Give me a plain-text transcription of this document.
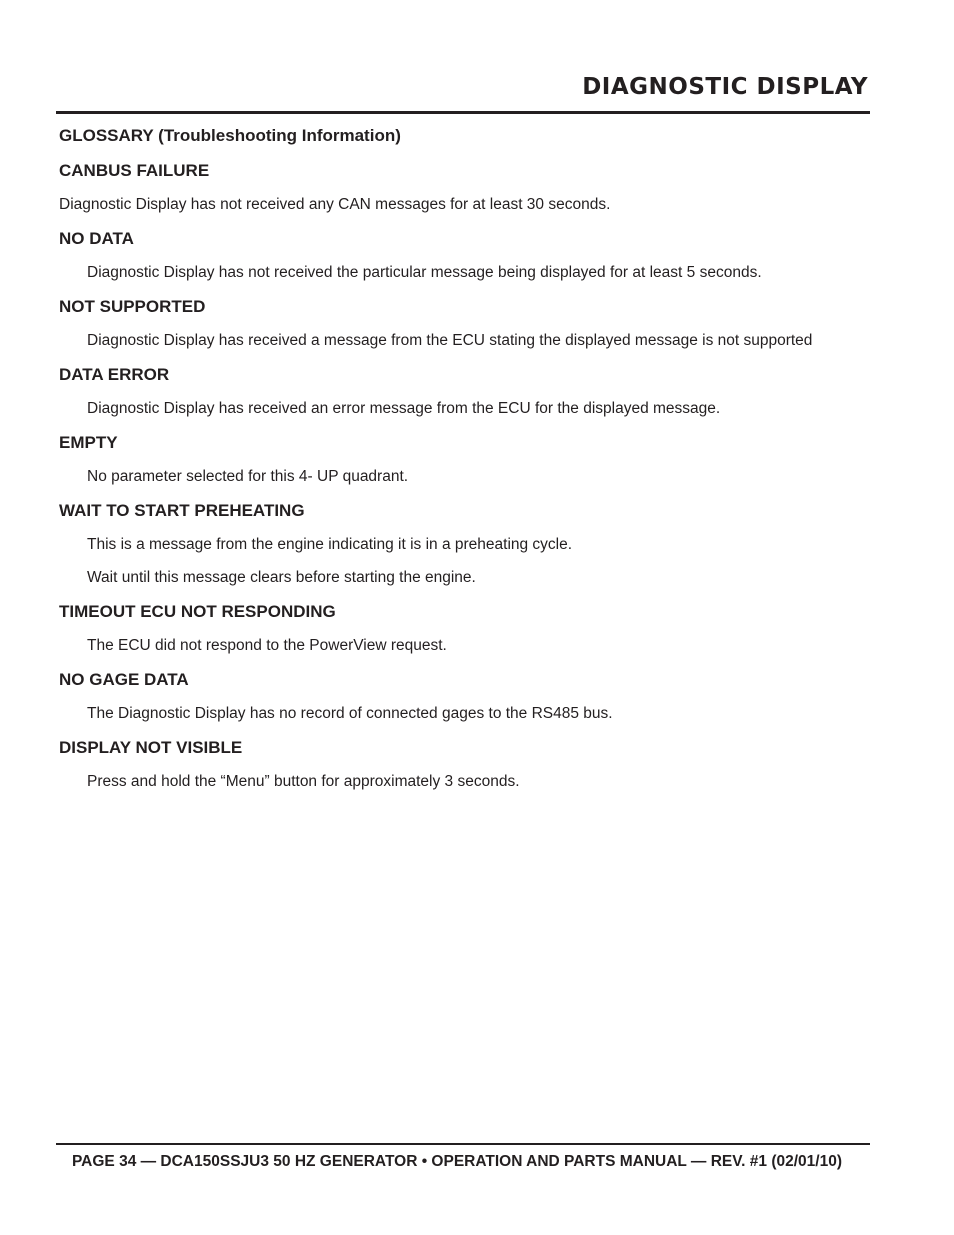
DIAGNOSTIC DISPLAY
GLOSSARY (Troubleshooting Information)
CANBUS FAILURE
Diagnostic Display has not received any CAN messages for at least 30 seconds.
NO DATA
Diagnostic Display has not received the particular message being displayed for at least 5 seconds.
NOT SUPPORTED
Diagnostic Display has received a message from the ECU stating the displayed message is not supported
DATA ERROR
Diagnostic Display has received an error message from the ECU for the displayed message.
EMPTY
No parameter selected for this 4- UP quadrant.
WAIT TO START PREHEATING
This is a message from the engine indicating it is in a preheating cycle.
Wait until this message clears before starting the engine.
TIMEOUT ECU NOT RESPONDING
The ECU did not respond to the PowerView request.
NO GAGE DATA
The Diagnostic Display has no record of connected gages to the RS485 bus.
DISPLAY NOT VISIBLE
Press and hold the “Menu” button for approximately 3 seconds.
PAGE 34 — DCA150SSJU3 50 HZ GENERATOR • OPERATION AND PARTS MANUAL — REV. #1 (02/01/10)
